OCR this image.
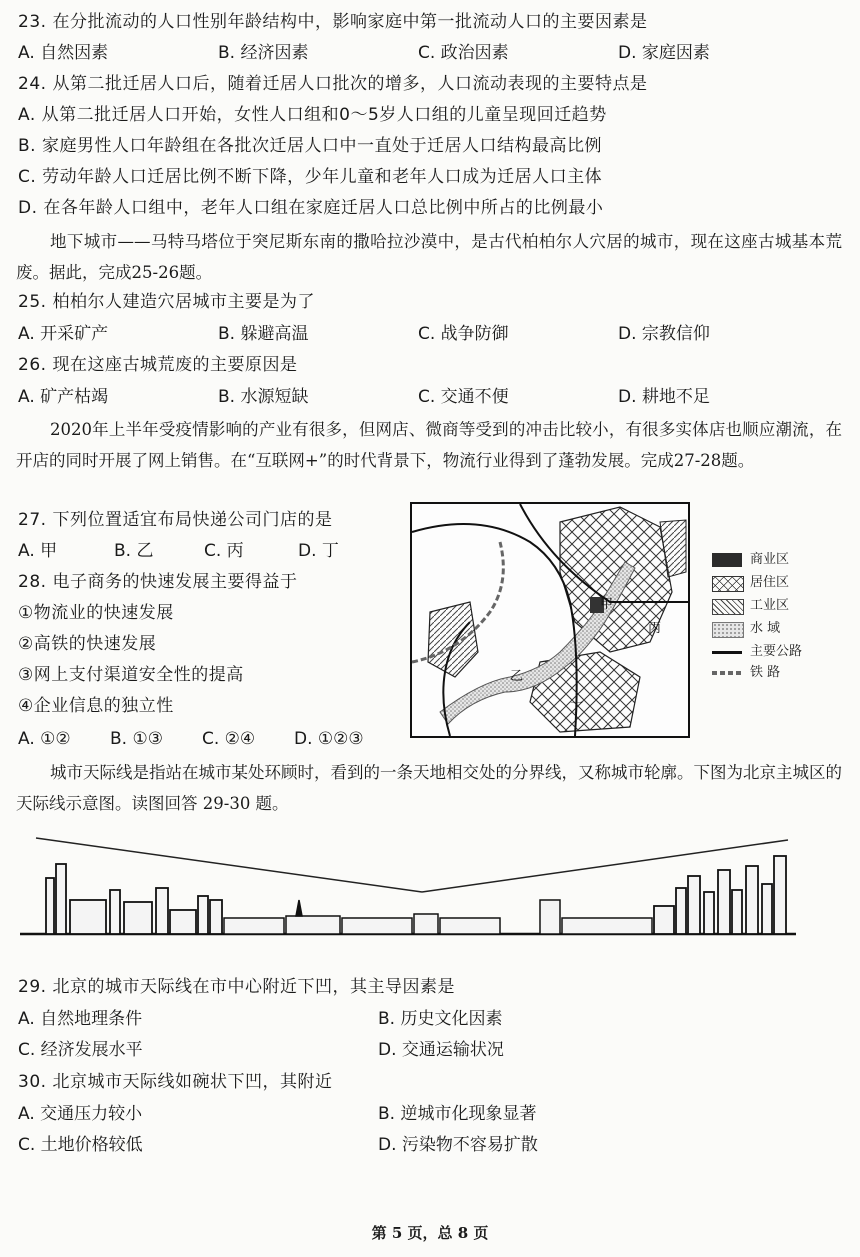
23. 在分批流动的人口性别年龄结构中，影响家庭中第一批流动人口的主要因素是
A. 自然因素	B. 经济因素	C. 政治因素	D. 家庭因素
24. 从第二批迁居人口后，随着迁居人口批次的增多，人口流动表现的主要特点是
A. 从第二批迁居人口开始，女性人口组和0～5岁人口组的儿童呈现回迁趋势
B. 家庭男性人口年龄组在各批次迁居人口中一直处于迁居人口结构最高比例
C. 劳动年龄人口迁居比例不断下降，少年儿童和老年人口成为迁居人口主体
D. 在各年龄人口组中，老年人口组在家庭迁居人口总比例中所占的比例最小
地下城市——马特马塔位于突尼斯东南的撒哈拉沙漠中，是古代柏柏尔人穴居的城市，现在这座古城基本荒废。据此，完成25-26题。
25. 柏柏尔人建造穴居城市主要是为了
A. 开采矿产	B. 躲避高温	C. 战争防御	D. 宗教信仰
26. 现在这座古城荒废的主要原因是
A. 矿产枯竭	B. 水源短缺	C. 交通不便	D. 耕地不足
2020年上半年受疫情影响的产业有很多，但网店、微商等受到的冲击比较小，有很多实体店也顺应潮流，在开店的同时开展了网上销售。在“互联网+”的时代背景下，物流行业得到了蓬勃发展。完成27-28题。
27. 下列位置适宜布局快递公司门店的是
A. 甲	B. 乙	C. 丙	D. 丁
28. 电子商务的快速发展主要得益于
①物流业的快速发展
②高铁的快速发展
③网上支付渠道安全性的提高
④企业信息的独立性
A. ①② B. ①③ C. ②④ D. ①②③
甲
乙
丙
丁
商业区
居住区
工业区
水 域
主要公路
铁 路
城市天际线是指站在城市某处环顾时，看到的一条天地相交处的分界线，又称城市轮廓。下图为北京主城区的天际线示意图。读图回答 29-30 题。
29. 北京的城市天际线在市中心附近下凹，其主导因素是
A. 自然地理条件	B. 历史文化因素
C. 经济发展水平	D. 交通运输状况
30. 北京城市天际线如碗状下凹，其附近
A. 交通压力较小	B. 逆城市化现象显著
C. 土地价格较低	D. 污染物不容易扩散
第 5 页，总 8 页
